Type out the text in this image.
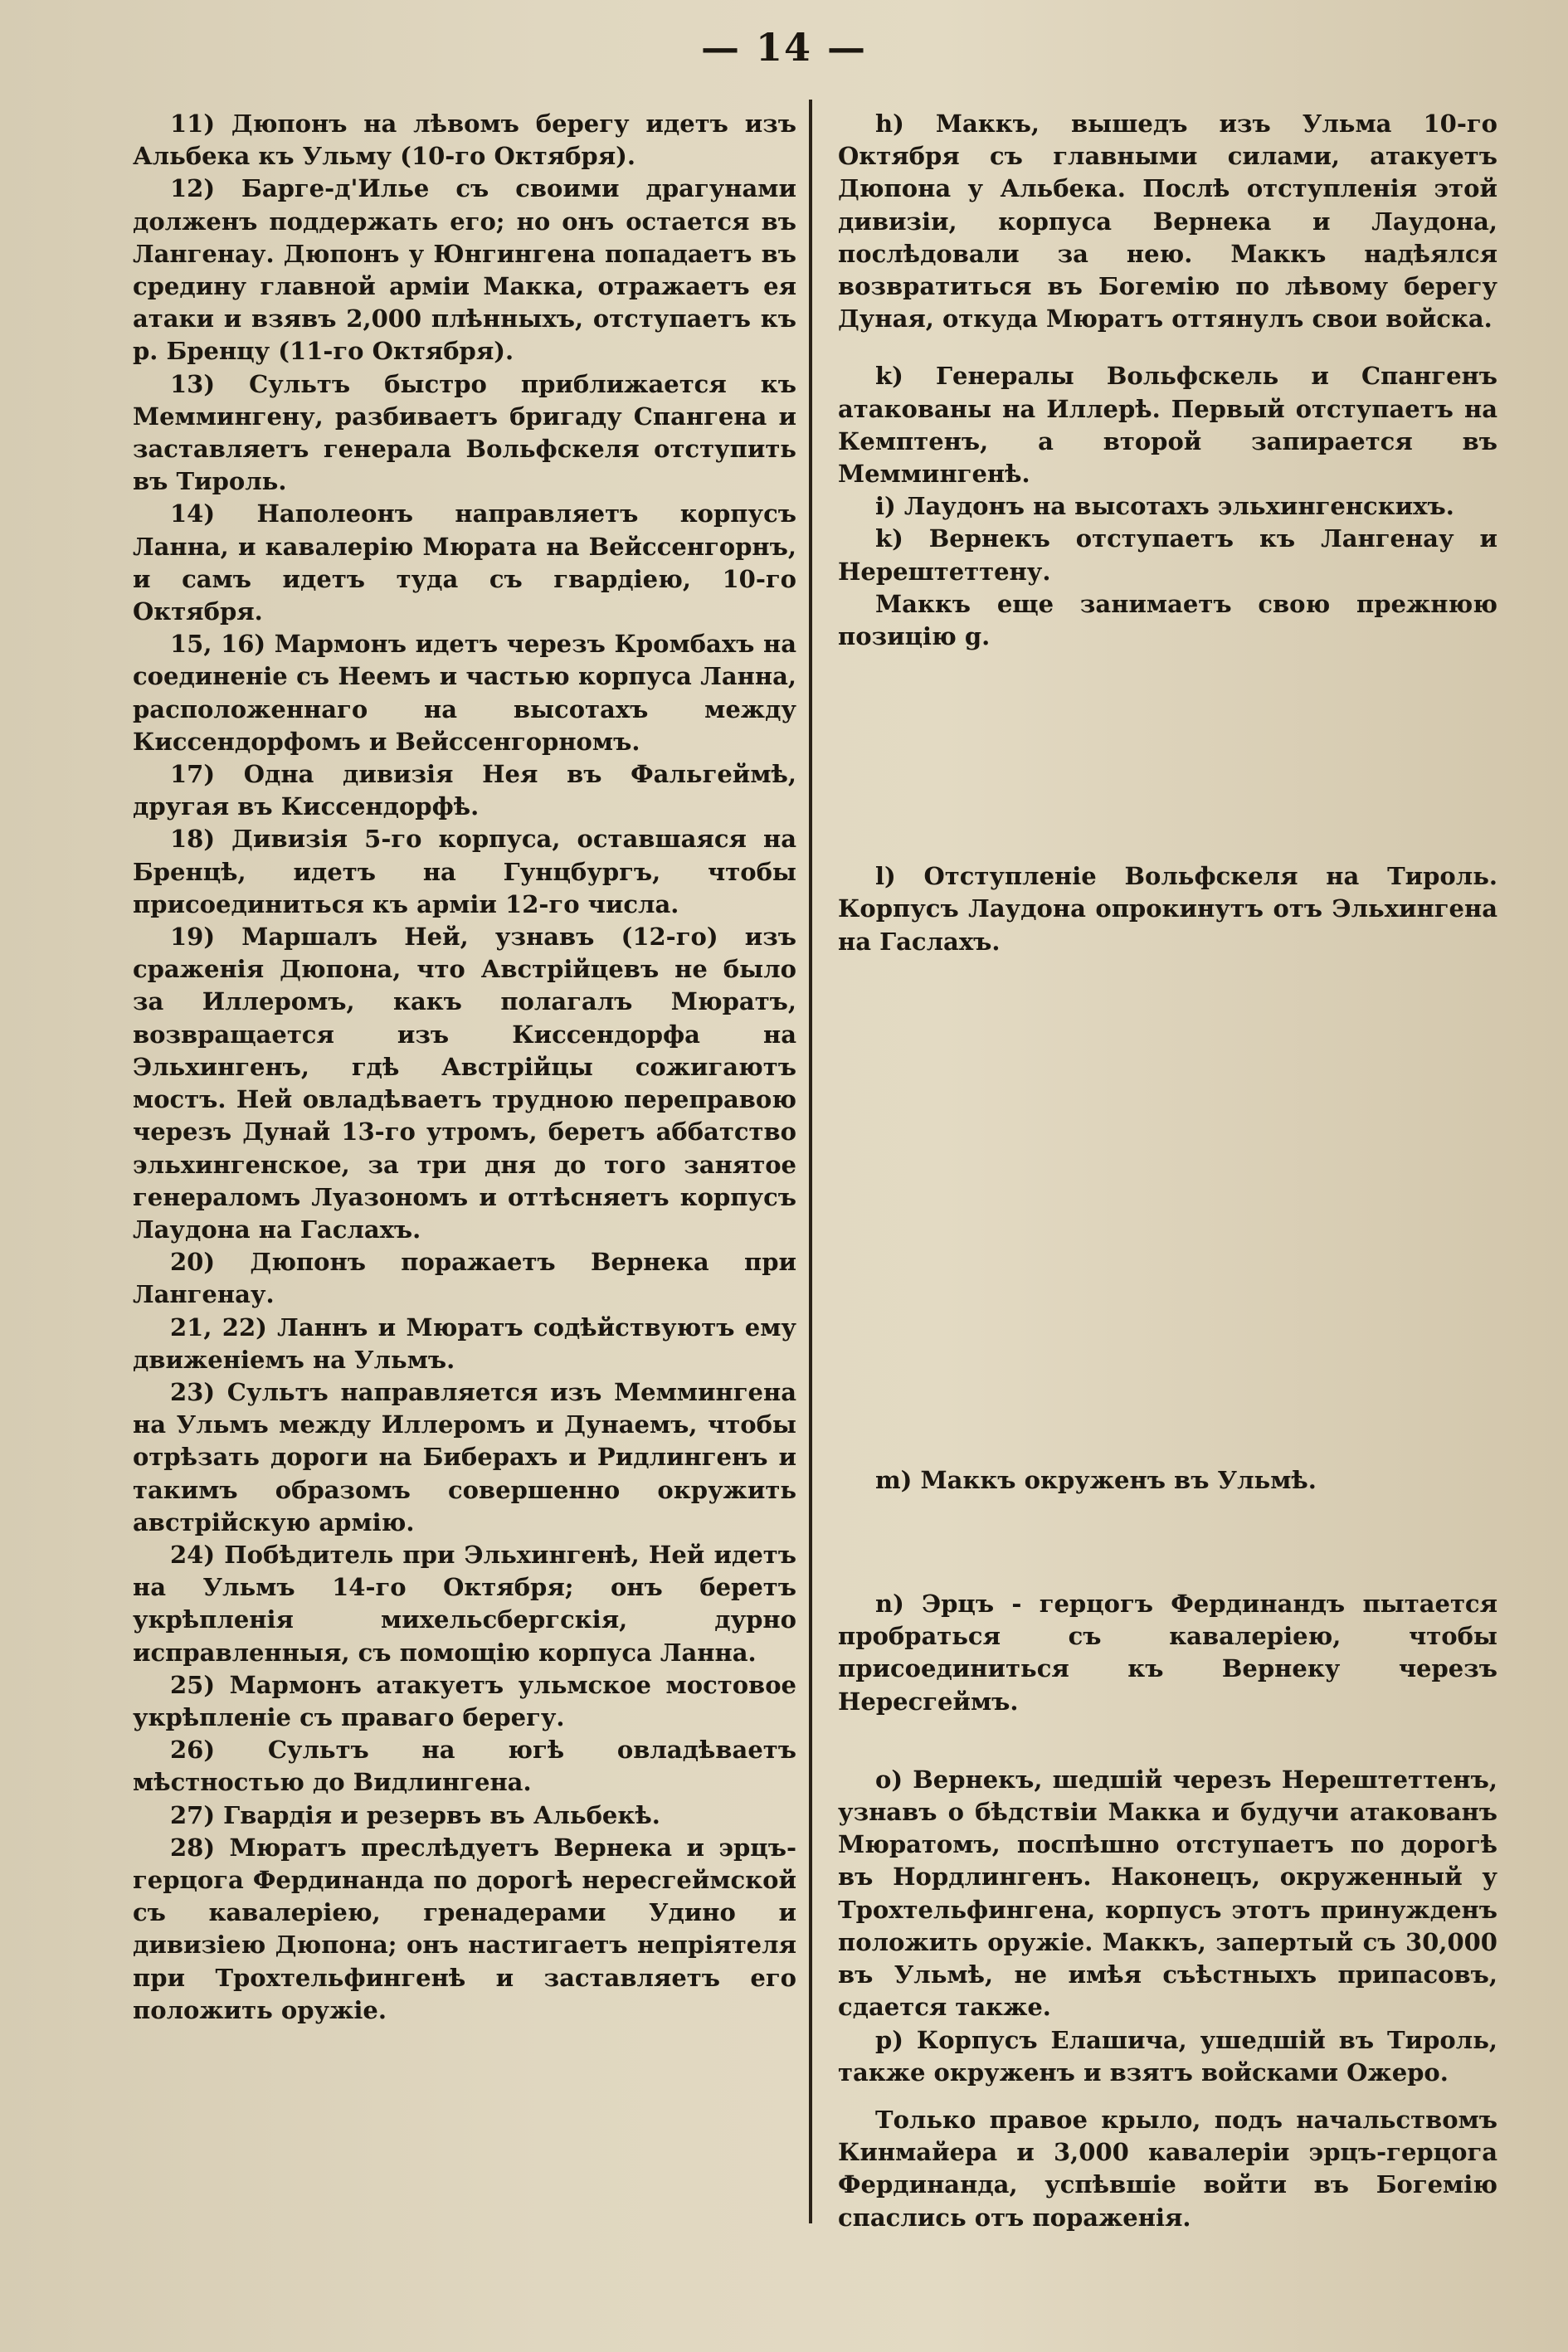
— 14 —

11) Дюпонъ на лѣвомъ берегу идетъ изъ Альбека къ Ульму (10-го Октября).

12) Барге-д'Илье съ своими драгунами долженъ поддержать его; но онъ остается въ Лангенау. Дюпонъ у Юнгингена попадаетъ въ средину главной арміи Макка, отражаетъ ея атаки и взявъ 2,000 плѣнныхъ, отступаетъ къ р. Бренцу (11-го Октября).

13) Сультъ быстро приближается къ Меммингену, разбиваетъ бригаду Спангена и заставляетъ генерала Вольфскеля отступить въ Тироль.

14) Наполеонъ направляетъ корпусъ Ланна, и кавалерію Мюрата на Вейссенгорнъ, и самъ идетъ туда съ гвардіею, 10-го Октября.

15, 16) Мармонъ идетъ черезъ Кромбахъ на соединеніе съ Неемъ и частью корпуса Ланна, расположеннаго на высотахъ между Киссендорфомъ и Вейссенгорномъ.

17) Одна дивизія Нея въ Фальгеймѣ, другая въ Киссендорфѣ.

18) Дивизія 5-го корпуса, оставшаяся на Бренцѣ, идетъ на Гунцбургъ, чтобы присоединиться къ арміи 12-го числа.

19) Маршалъ Ней, узнавъ (12-го) изъ сраженія Дюпона, что Австрійцевъ не было за Иллеромъ, какъ полагалъ Мюратъ, возвращается изъ Киссендорфа на Эльхингенъ, гдѣ Австрійцы сожигаютъ мостъ. Ней овладѣваетъ трудною переправою черезъ Дунай 13-го утромъ, беретъ аббатство эльхингенское, за три дня до того занятое генераломъ Луазономъ и оттѣсняетъ корпусъ Лаудона на Гаслахъ.

20) Дюпонъ поражаетъ Вернека при Лангенау.

21, 22) Ланнъ и Мюратъ содѣйствуютъ ему движеніемъ на Ульмъ.

23) Сультъ направляется изъ Меммингена на Ульмъ между Иллеромъ и Дунаемъ, чтобы отрѣзать дороги на Биберахъ и Ридлингенъ и такимъ образомъ совершенно окружить австрійскую армію.

24) Побѣдитель при Эльхингенѣ, Ней идетъ на Ульмъ 14-го Октября; онъ беретъ укрѣпленія михельсбергскія, дурно исправленныя, съ помощію корпуса Ланна.

25) Мармонъ атакуетъ ульмское мостовое укрѣпленіе съ праваго берегу.

26) Сультъ на югѣ овладѣваетъ мѣстностью до Видлингена.

27) Гвардія и резервъ въ Альбекѣ.

28) Мюратъ преслѣдуетъ Вернека и эрцъ-герцога Фердинанда по дорогѣ нересгеймской съ кавалеріею, гренадерами Удино и дивизіею Дюпона; онъ настигаетъ непріятеля при Трохтельфингенѣ и заставляетъ его положить оружіе.

h) Маккъ, вышедъ изъ Ульма 10-го Октября съ главными силами, атакуетъ Дюпона у Альбека. Послѣ отступленія этой дивизіи, корпуса Вернека и Лаудона, послѣдовали за нею. Маккъ надѣялся возвратиться въ Богемію по лѣвому берегу Дуная, откуда Мюратъ оттянулъ свои войска.

k) Генералы Вольфскель и Спангенъ атакованы на Иллерѣ. Первый отступаетъ на Кемптенъ, а второй запирается въ Меммингенѣ.

i) Лаудонъ на высотахъ эльхингенскихъ.

k) Вернекъ отступаетъ къ Лангенау и Нерештеттену.

Маккъ еще занимаетъ свою прежнюю позицію g.

l) Отступленіе Вольфскеля на Тироль. Корпусъ Лаудона опрокинутъ отъ Эльхингена на Гаслахъ.

m) Маккъ окруженъ въ Ульмѣ.

n) Эрцъ - герцогъ Фердинандъ пытается пробраться съ кавалеріею, чтобы присоединиться къ Вернеку черезъ Нересгеймъ.

o) Вернекъ, шедшій черезъ Нерештеттенъ, узнавъ о бѣдствіи Макка и будучи атакованъ Мюратомъ, поспѣшно отступаетъ по дорогѣ въ Нордлингенъ. Наконецъ, окруженный у Трохтельфингена, корпусъ этотъ принужденъ положить оружіе. Маккъ, запертый съ 30,000 въ Ульмѣ, не имѣя съѣстныхъ припасовъ, сдается также.

p) Корпусъ Елашича, ушедшій въ Тироль, также окруженъ и взятъ войсками Ожеро.

Только правое крыло, подъ начальствомъ Кинмайера и 3,000 кавалеріи эрцъ-герцога Фердинанда, успѣвшіе войти въ Богемію спаслись отъ пораженія.
